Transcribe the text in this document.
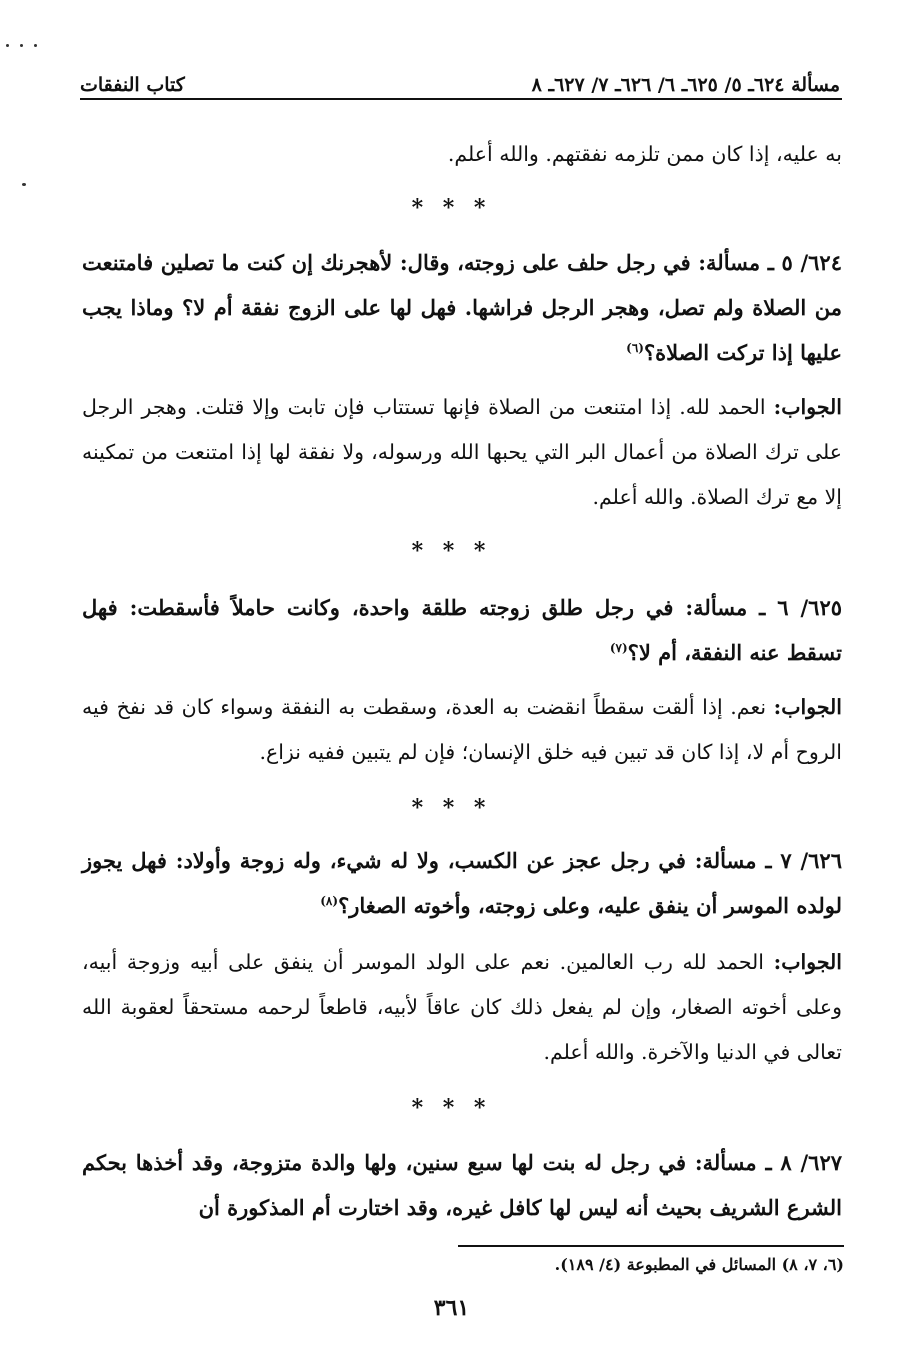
مسألة ٦٢٤ـ ٥/ ٦٢٥ـ ٦/ ٦٢٦ـ ٧/ ٦٢٧ـ ٨
كتاب النفقات
به عليه، إذا كان ممن تلزمه نفقتهم. والله أعلم.
* * *
٦٢٤/ ٥ ـ مسألة: في رجل حلف على زوجته، وقال: لأهجرنك إن كنت ما تصلين فامتنعت من الصلاة ولم تصل، وهجر الرجل فراشها. فهل لها على الزوج نفقة أم لا؟ وماذا يجب عليها إذا تركت الصلاة؟$^{(٦)}$
الجواب: الحمد لله. إذا امتنعت من الصلاة فإنها تستتاب فإن تابت وإلا قتلت. وهجر الرجل على ترك الصلاة من أعمال البر التي يحبها الله ورسوله، ولا نفقة لها إذا امتنعت من تمكينه إلا مع ترك الصلاة. والله أعلم.
* * *
٦٢٥/ ٦ ـ مسألة: في رجل طلق زوجته طلقة واحدة، وكانت حاملاً فأسقطت: فهل تسقط عنه النفقة، أم لا؟$^{(٧)}$
الجواب: نعم. إذا ألقت سقطاً انقضت به العدة، وسقطت به النفقة وسواء كان قد نفخ فيه الروح أم لا، إذا كان قد تبين فيه خلق الإنسان؛ فإن لم يتبين ففيه نزاع.
* * *
٦٢٦/ ٧ ـ مسألة: في رجل عجز عن الكسب، ولا له شيء، وله زوجة وأولاد: فهل يجوز لولده الموسر أن ينفق عليه، وعلى زوجته، وأخوته الصغار؟$^{(٨)}$
الجواب: الحمد لله رب العالمين. نعم على الولد الموسر أن ينفق على أبيه وزوجة أبيه، وعلى أخوته الصغار، وإن لم يفعل ذلك كان عاقاً لأبيه، قاطعاً لرحمه مستحقاً لعقوبة الله تعالى في الدنيا والآخرة. والله أعلم.
* * *
٦٢٧/ ٨ ـ مسألة: في رجل له بنت لها سبع سنين، ولها والدة متزوجة، وقد أخذها بحكم الشرع الشريف بحيث أنه ليس لها كافل غيره، وقد اختارت أم المذكورة أن
(٦، ٧، ٨) المسائل في المطبوعة (٤/ ١٨٩).
٣٦١
